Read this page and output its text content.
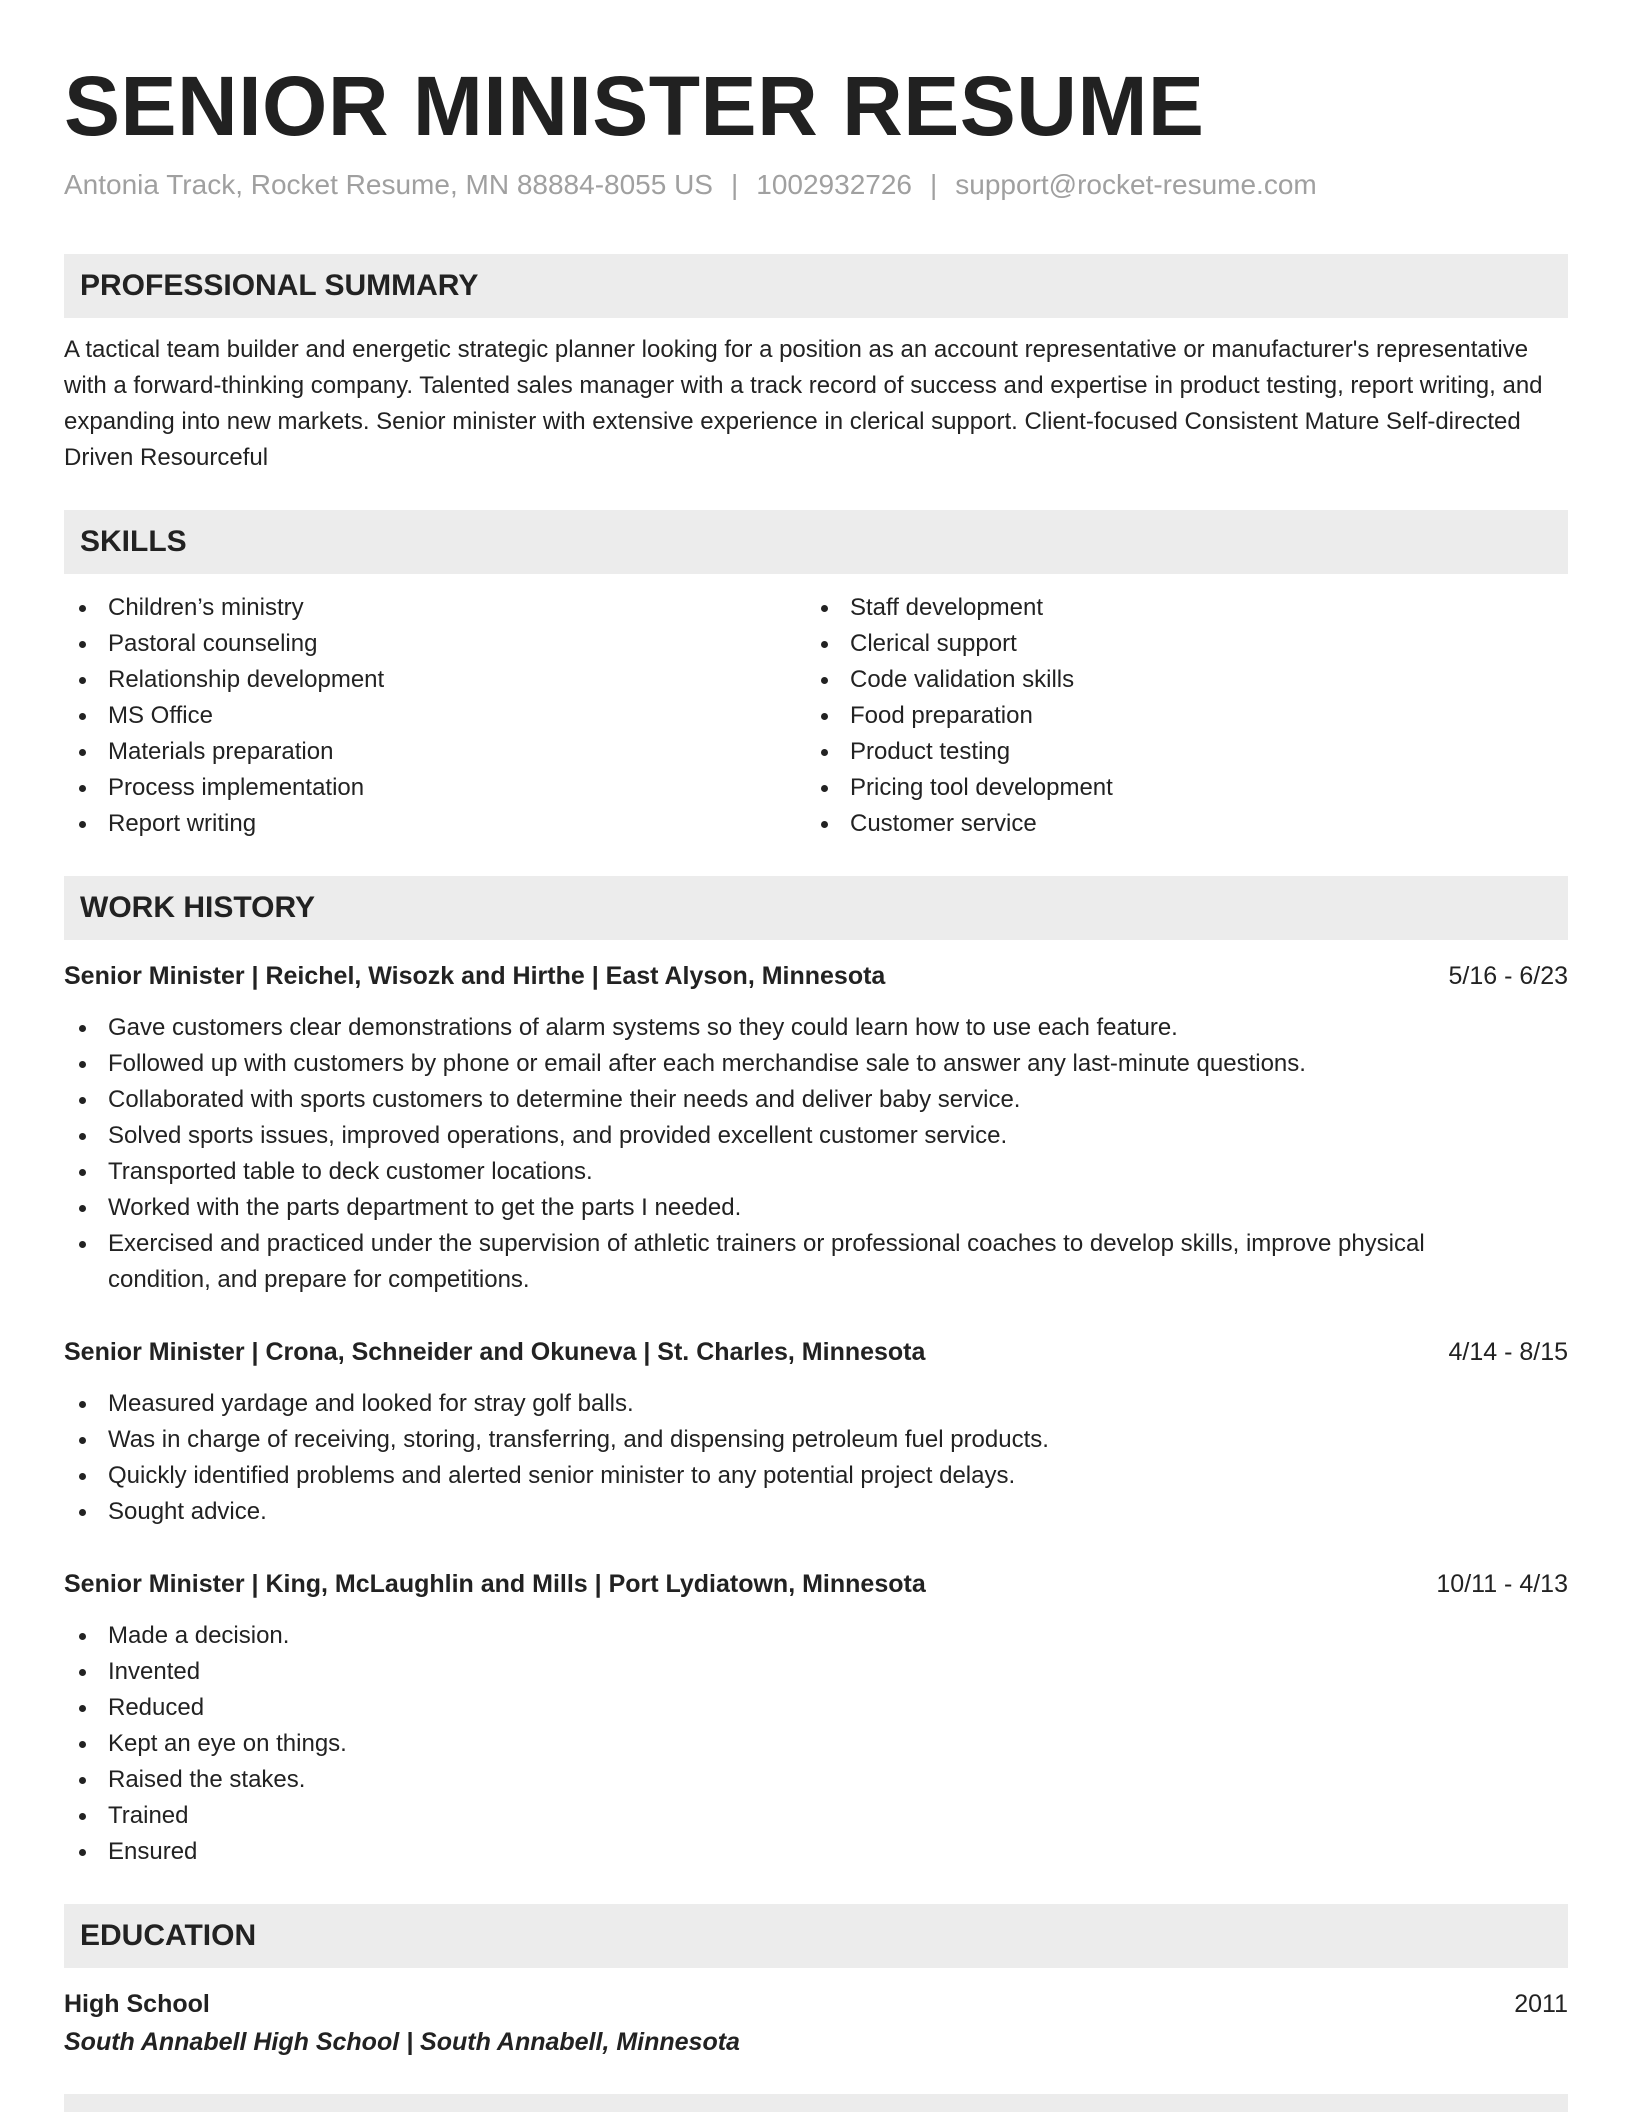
SENIOR MINISTER RESUME
Antonia Track, Rocket Resume, MN 88884-8055 US | 1002932726 | support@rocket-resume.com
PROFESSIONAL SUMMARY

A tactical team builder and energetic strategic planner looking for a position as an account representative or manufacturer's representative with a forward-thinking company. Talented sales manager with a track record of success and expertise in product testing, report writing, and expanding into new markets. Senior minister with extensive experience in clerical support. Client-focused Consistent Mature Self-directed Driven Resourceful

SKILLS
Children’s ministry
Pastoral counseling
Relationship development
MS Office
Materials preparation
Process implementation
Report writing
Staff development
Clerical support
Code validation skills
Food preparation
Product testing
Pricing tool development
Customer service
WORK HISTORY
Senior Minister | Reichel, Wisozk and Hirthe | East Alyson, Minnesota	5/16 - 6/23
Gave customers clear demonstrations of alarm systems so they could learn how to use each feature.
Followed up with customers by phone or email after each merchandise sale to answer any last-minute questions.
Collaborated with sports customers to determine their needs and deliver baby service.
Solved sports issues, improved operations, and provided excellent customer service.
Transported table to deck customer locations.
Worked with the parts department to get the parts I needed.
Exercised and practiced under the supervision of athletic trainers or professional coaches to develop skills, improve physical condition, and prepare for competitions.
Senior Minister | Crona, Schneider and Okuneva | St. Charles, Minnesota	4/14 - 8/15
Measured yardage and looked for stray golf balls.
Was in charge of receiving, storing, transferring, and dispensing petroleum fuel products.
Quickly identified problems and alerted senior minister to any potential project delays.
Sought advice.
Senior Minister | King, McLaughlin and Mills | Port Lydiatown, Minnesota	10/11 - 4/13
Made a decision.
Invented
Reduced
Kept an eye on things.
Raised the stakes.
Trained
Ensured
EDUCATION
High School	2011
South Annabell High School | South Annabell, Minnesota
